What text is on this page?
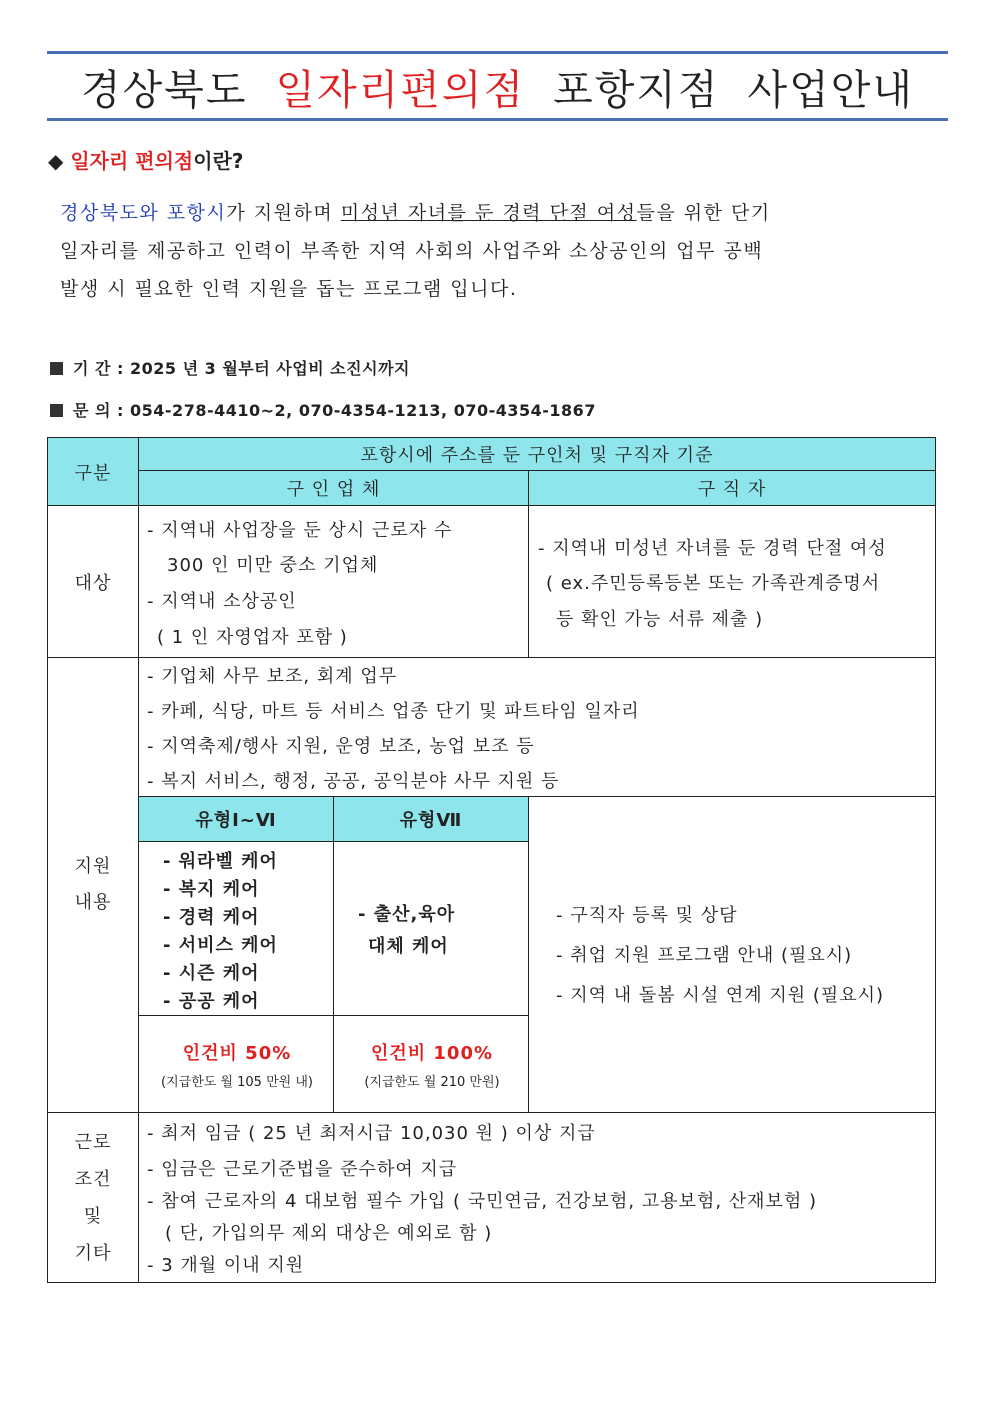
경상북도 일자리편의점 포항지점 사업안내
◆ 일자리 편의점이란?
경상북도와 포항시가 지원하며 미성년 자녀를 둔 경력 단절 여성들을 위한 단기
일자리를 제공하고 인력이 부족한 지역 사회의 사업주와 소상공인의 업무 공백
발생 시 필요한 인력 지원을 돕는 프로그램 입니다.
기 간 : 2025 년 3 월부터 사업비 소진시까지
문 의 : 054-278-4410~2, 070-4354-1213, 070-4354-1867
구분
포항시에 주소를 둔 구인처 및 구직자 기준
구 인 업 체	구 직 자
대상
- 지역내 사업장을 둔 상시 근로자 수
300 인 미만 중소 기업체
- 지역내 소상공인
( 1 인 자영업자 포함 )
- 지역내 미성년 자녀를 둔 경력 단절 여성
( ex.주민등록등본 또는 가족관계증명서
등 확인 가능 서류 제출 )
지원
내용
- 기업체 사무 보조, 회계 업무
- 카페, 식당, 마트 등 서비스 업종 단기 및 파트타임 일자리
- 지역축제/행사 지원, 운영 보조, 농업 보조 등
- 복지 서비스, 행정, 공공, 공익분야 사무 지원 등
유형Ⅰ~Ⅵ	유형Ⅶ
- 워라벨 케어
- 복지 케어
- 경력 케어
- 서비스 케어
- 시즌 케어
- 공공 케어
- 출산,육아
대체 케어
인건비 50%
(지급한도 월 105 만원 내)
인건비 100%
(지급한도 월 210 만원)
- 구직자 등록 및 상담
- 취업 지원 프로그램 안내 (필요시)
- 지역 내 돌봄 시설 연계 지원 (필요시)
근로
조건
및
기타
- 최저 임금 ( 25 년 최저시급 10,030 원 ) 이상 지급
- 임금은 근로기준법을 준수하여 지급
- 참여 근로자의 4 대보험 필수 가입 ( 국민연금, 건강보험, 고용보험, 산재보험 )
( 단, 가입의무 제외 대상은 예외로 함 )
- 3 개월 이내 지원
